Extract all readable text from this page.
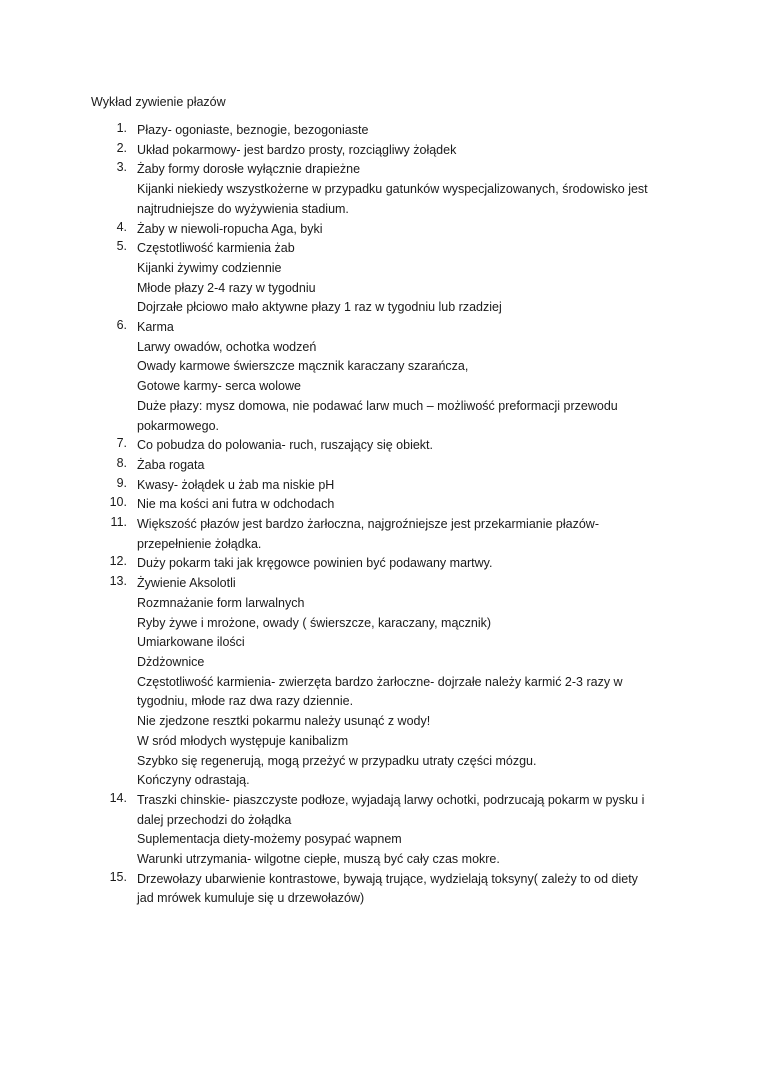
Wykład zywienie płazów
1. Płazy- ogoniaste, beznogie, bezogoniaste
2. Układ pokarmowy- jest bardzo prosty, rozciągliwy żołądek
3. Żaby formy dorosłe wyłącznie drapieżne
Kijanki niekiedy wszystkożerne w przypadku gatunków wyspecjalizowanych, środowisko jest
najtrudniejsze do wyżywienia stadium.
4. Żaby w niewoli-ropucha Aga, byki
5. Częstotliwość karmienia żab
Kijanki żywimy codziennie
Młode płazy 2-4 razy w tygodniu
Dojrzałe płciowo mało aktywne płazy 1 raz w tygodniu lub rzadziej
6. Karma
Larwy owadów, ochotka wodzeń
Owady karmowe świerszcze mącznik karaczany szarańcza,
Gotowe karmy- serca wolowe
Duże płazy: mysz domowa, nie podawać larw much – możliwość preformacji przewodu
pokarmowego.
7. Co pobudza do polowania- ruch, ruszający się obiekt.
8. Żaba rogata
9. Kwasy- żołądek u żab ma niskie pH
10. Nie ma kości ani futra w odchodach
11. Większość płazów jest bardzo żarłoczna, najgroźniejsze jest przekarmianie płazów-
przepełnienie żołądka.
12. Duży pokarm taki jak kręgowce powinien być podawany martwy.
13. Żywienie Aksolotli
Rozmnażanie form larwalnych
Ryby żywe i mrożone, owady ( świerszcze, karaczany, mącznik)
Umiarkowane ilości
Dżdżownice
Częstotliwość karmienia- zwierzęta bardzo żarłoczne- dojrzałe należy karmić 2-3 razy w
tygodniu, młode raz dwa razy dziennie.
Nie zjedzone resztki pokarmu należy usunąć z wody!
W sród młodych występuje kanibalizm
Szybko się regenerują, mogą przeżyć w przypadku utraty części mózgu.
Kończyny odrastają.
14. Traszki chinskie- piaszczyste podłoze, wyjadają larwy ochotki, podrzucają pokarm w pysku i
dalej przechodzi do żołądka
Suplementacja diety-możemy posypać wapnem
Warunki utrzymania- wilgotne ciepłe, muszą być cały czas mokre.
15. Drzewołazy ubarwienie kontrastowe, bywają trujące, wydzielają toksyny( zależy to od diety
jad mrówek kumuluje się u drzewołazów)
